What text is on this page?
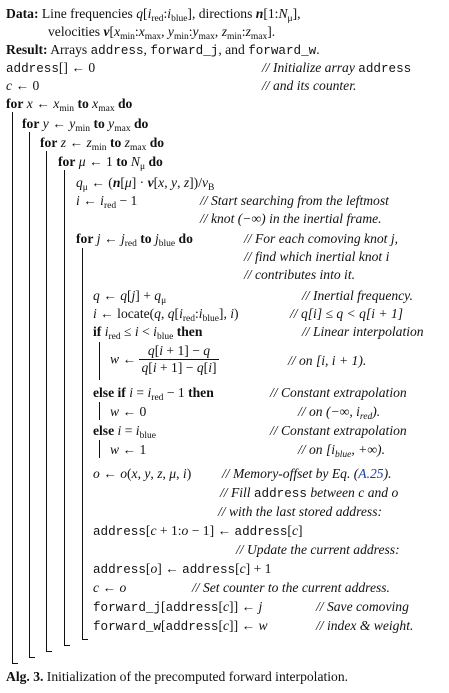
Data: Line frequencies $q[i_{red}:i_{blue}]$, directions $n[1:N_\mu]$,
velocities $v[x_{min}:x_{max}$, $y_{min}:y_{max}$, $z_{min}:z_{max}$].
Result: Arrays address, forward_j, and forward_w.
address[] ← 0	// Initialize array address
c ← 0	// and its counter.
for x ← $x_{min}$ to $x_{max}$ do
for y ← $y_{min}$ to $y_{max}$ do
for z ← $z_{min}$ to $z_{max}$ do
for μ ← 1 to $N_\mu$ do
$q_\mu$ ← (n[μ] · v[x, y, $z])/v_B$
i ← $i_{red} - 1$	// Start searching from the leftmost
// knot (−∞) in the inertial frame.
for j ← $j_{red}$ to $j_{blue}$ do	// For each comoving knot j,
// find which inertial knot i
// contributes into it.
q ← $q[j] + q_\mu$	// Inertial frequency.
i ← locate(q, $q[i_{red}:i_{blue}]$, i)	// q[i] ≤ q < q[i + 1]
if $i_{red} \le i < i_{blue}$ then	// Linear interpolation
w ← $\frac{q[i + 1] - q}{q[i + 1] - q[i]}$	// on [i, i + 1).
else if $i = i_{red} - 1$ then	// Constant extrapolation
w ← 0	// on (−∞, $i_{red}$).
else $i = i_{blue}$	// Constant extrapolation
w ← 1	// on [$i_{blue}$, +∞).
o ← o(x, y, z, μ, i) // Memory-offset by Eq. (A.25).
// Fill address between c and o
// with the last stored address:
address[c + 1:o − 1] ← address[c]
// Update the current address:
address[o] ← address[c] + 1
c ← o	// Set counter to the current address.
forward_j[address[c]] ← j	// Save comoving
forward_w[address[c]] ← w	// index & weight.
Alg. 3. Initialization of the precomputed forward interpolation.
